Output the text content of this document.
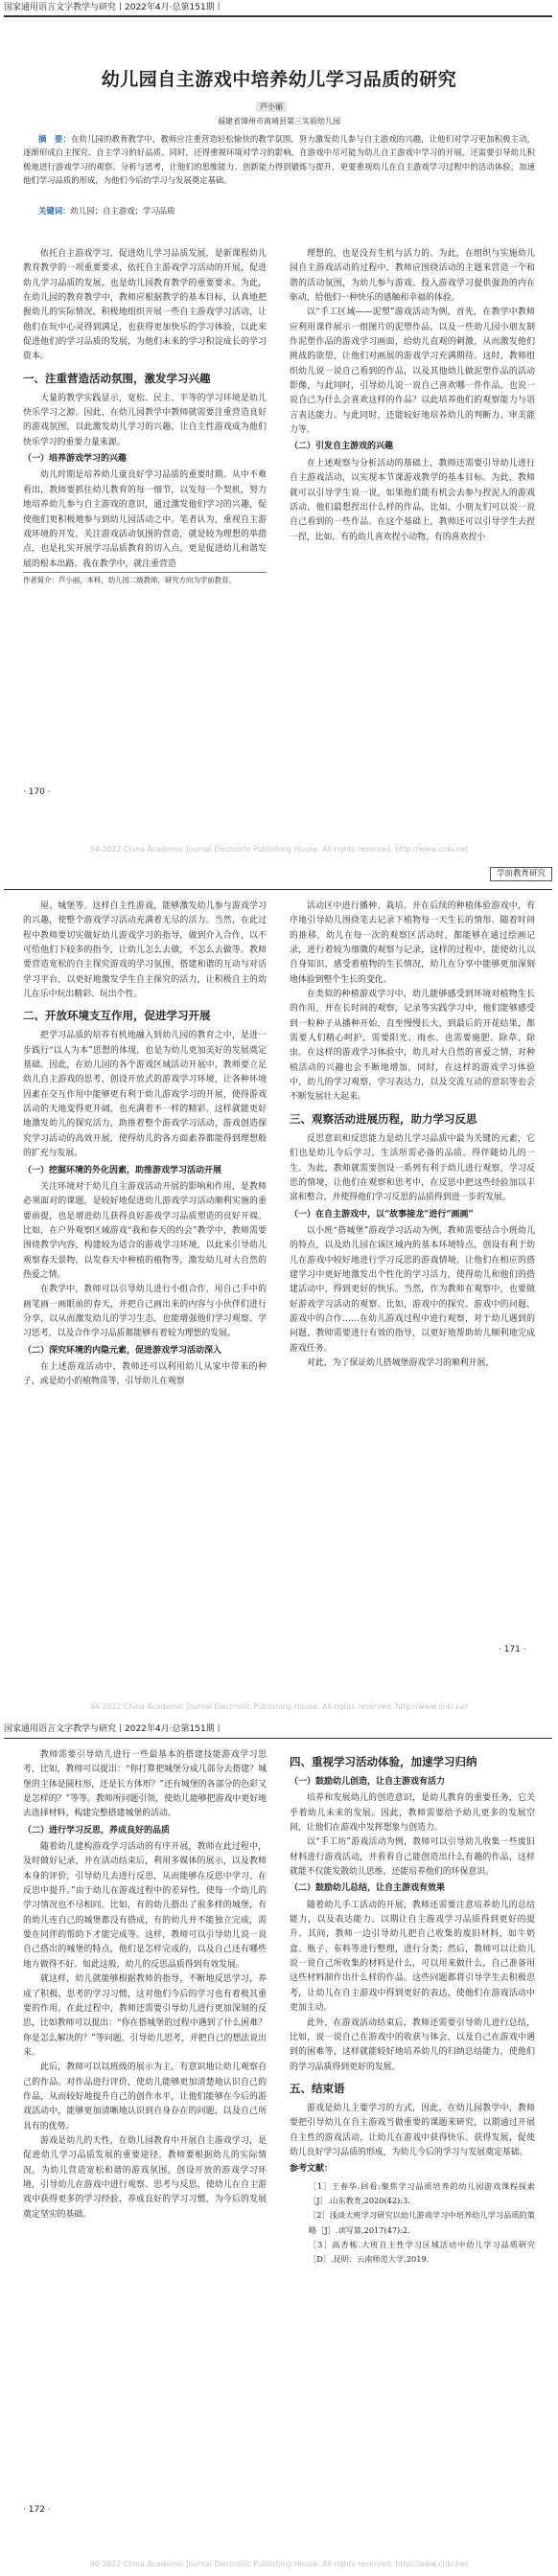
国家通用语言文字教学与研究丨2022年4月·总第151期丨
幼儿园自主游戏中培养幼儿学习品质的研究
芦小丽
福建省漳州市南靖县第三实验幼儿园
摘　要：在幼儿园的教育教学中，教师应注重营造轻松愉快的教学氛围，努力激发幼儿参与自主游戏的兴趣，让他们对学习更加积极主动，逐渐形成自主探究、自主学习的好品质。同时，还得重视环境对学习的影响，在游戏中尽可能为幼儿自主游戏中学习的开展，还需要引导幼儿积极地进行游戏学习的观察、分析与思考，让他们的思维能力、创新能力得到锻炼与提升，更要重视幼儿在自主游戏学习过程中的活动体验，加速他们学习品质的形成，为他们今后的学习与发展奠定基础。
关键词：幼儿园；自主游戏；学习品质

依托自主游戏学习，促进幼儿学习品质发展，是新课程幼儿教育教学的一项重要要求，依托自主游戏学习活动的开展，促进幼儿学习品质的发展，也是幼儿园教育教学的重要要求。为此，在幼儿园的教育教学中，教师应根据教学的基本目标，认真地把握幼儿的实际情况，积极地组织开展一些自主游戏学习活动，让他们在玩中心灵得到满足，也获得更加快乐的学习体验，以此来促进他们的学习品质的发展，为他们未来的学习积淀成长的学习资本。

一、注重营造活动氛围，激发学习兴趣

大量的教学实践显示，宽松、民主、平等的学习环境是幼儿快乐学习之源。因此，在幼儿园教学中教师就需要注重营造良好的游戏氛围，以此激发幼儿学习的兴趣，让自主性游戏成为他们快乐学习的重要力量来源。

（一）培养游戏学习的兴趣

幼儿时期是培养幼儿童良好学习品质的重要时期。从中不难看出，教师要抓住幼儿教育的每一细节，以发每一个契机，努力地培养幼儿参与自主游戏的意识，通过激发他们学习的兴趣，促使他们更积极地参与到幼儿园活动之中。笔者认为，重视自主游戏环境的开发，关注游戏活动氛围的营造，就是较为理想的举措点，也是扎实开展学习品质教育的切入点，更是促进幼儿和谐发展的根本出路。我在教学中，就注重营造

作者简介：芦小丽，本科，幼儿园二级教师，研究方向为学前教育。

理想的，也是没有生机与活力的。为此，在组织与实施幼儿园自主游戏活动的过程中，教师应围绕活动的主题来营造一个和谐的活动氛围，为幼儿参与游戏、投入游戏学习提供强劲的内在驱动，给他们一种快乐的感触和幸福的体验。

以“手工区域——泥塑”游戏活动为例，首先，在教学中教师应利用课件展示一组图片的泥塑作品，以及一些幼儿园小朋友制作泥塑作品的游戏学习画面，给幼儿直观的刺激，从而激发他们挑战的欲望，让他们对画展的游戏学习充满期待。这时，教师组织幼儿说一说自己看到的作品，以及其他幼儿做泥塑作品的活动影像，与此同时，引导幼儿说一说自己喜欢哪一件作品，也说一说自己为什么会喜欢这样的作品？以此培养他们的观察能力与语言表达能力。与此同时，还能较好地培养幼儿的判断力、审美能力等。

（二）引发自主游戏的兴趣

在上述观察与分析活动的基础上，教师还需要引导幼儿进行自主游戏活动，以实现本节课游戏教学的基本目标。为此，教师就可以引导学生说一说，如果他们能有机会去参与捏泥人的游戏活动，他们最想捏出什么样的作品，比如，小朋友们可以说一说自己看到的一些作品。在这个基础上，教师还可以引导学生去捏一捏，比如，有的幼儿喜欢捏小动物，有的喜欢捏小

· 170 ·
94-2022 China Academic Journal Electronic Publishing House. All rights reserved. http://www.cnki.net
学前教育研究

屋、城堡等。这样自主性游戏，能够激发幼儿参与游戏学习的兴趣，使整个游戏学习活动充满着无尽的活力。当然，在此过程中教师要切实做好幼儿游戏学习的指导，做到介入合作，以不可给他们下较多的指令，让幼儿怎么去做，不怎么去做等。教师要营造宽松的自主探究游戏的学习氛围，搭建和谐的互动与对话学习平台，以更好地激发学生自主探究的活力，让积极自主的幼儿在乐中玩出精彩、玩出个性。

二、开放环境支互作用，促进学习开展

把学习品质的培养有机地融入到幼儿园的教育之中，是进一步践行“以人为本”思想的体现，也是为幼儿更加美好的发展奠定基础。因此，在幼儿园的各个游戏区域活动开展中，教师要立足幼儿自主游戏的思考，创设开放式的游戏学习环境，让各种环境因素在交互作用中能够更有利于幼儿游戏学习的开展，使得游戏活动的天地变得更开阔，也充满着不一样的精彩。这样就能更好地激发幼儿的探究活力，助推着整个游戏学习活动，游戏创造探究学习活动的高效开展，使得幼儿的各方面素养都能得到理想般的扩充与发展。

（一）挖掘环境的外化因素，助推游戏学习活动开展

关注环境对于幼儿自主游戏活动开展的影响和作用，是教师必须面对的课题，是较好地促进幼儿游戏学习活动顺利实施的重要前提，也是增进幼儿获得良好游戏学习品质塑造的良好开端。比如，在户外观察区域游戏“我和春天的约会”教学中，教师需要围绕教学内容，构建较为适合的游戏学习环境，以此来引导幼儿观察春天景物，以发春天中种植的植物等，激发幼儿对大自然的热爱之情。

在教学中，教师可以引导幼儿进行小组合作，用自己手中的画笔画一画眼前的春天，并把自己画出来的内容与小伙伴们进行分享，以从而激发幼儿的学习生态，也能增强他们学习观察、学习思考，以及合作学习品质都能够有着较为理想的发展。

（二）深究环境的内隐元素，促进游戏学习活动深入

在上述游戏活动中，教师还可以利用幼儿从家中带来的种子，或是幼小的植物苗等，引导幼儿在观察

活动区中进行播种、栽培。并在后续的种植体验游戏中，有序地引导幼儿围绕笔去记录下植物每一天生长的情形。随着时间的推移，幼儿在每一次的观察区活动时，都能够在通过绘画记录，进行着较为细微的观察与记录，这样的过程中，能使幼儿以自身知识，感受着植物的生长情况，幼儿在分享中能够更加深刻地体验到整个生长的变化。

在类似的种植游戏学习中，幼儿能够感受到环境对植物生长的作用，并在长时间的观察，记录等实践学习中，他们能够感受到一粒种子从播种开始，直至慢慢长大，到最后的开花结果，都需要人们精心呵护，需要阳光、雨水、也需要施肥、除草、除虫。在这样的游戏学习体验中，幼儿对大自然的喜爱之情，对种植活动的兴趣也会不断地增加，同时，在这样的游戏学习体验中，幼儿的学习观察，学习表达力，以及交流互动的意识等也会不断发展壮大起来。

三、观察活动进展历程，助力学习反思

反思意识和反思能力是幼儿学习品质中最为关键的元素，它们也是幼儿今后学习，生活所需必备的品质。得伴随幼儿的一生。为此，教师就需要创设一系列有利于幼儿进行观察，学习反思的情境，让他们在观察和思考中，在反思中把这些经验加以丰富和整合，并使得他们学习反思的品质得到进一步的发展。

（一）在自主游戏中，以“故事接龙”进行“画画”

以小班“搭城堡”游戏学习活动为例，教师需要结合小班幼儿的特点，以及幼儿园在该区域内的基本环境特点，创设有利于幼儿在游戏中较好地进行学习反思的游戏情境，让他们在相应的搭建学习中更好地激发出个性化的学习活力，使得幼儿和他们的搭建活动中，得到更好的快乐。当然，作为教师在观察中，也要做好游戏学习活动的观察。比如，游戏中的探究、游戏中的问题、游戏中的合作……在幼儿游戏过程中进行观察，对于幼儿遇到的问题，教师需要进行有效的指导，以更好地帮助幼儿顺利地完成游戏任务。

对此，为了保证幼儿搭城堡游戏学习的顺利开展，

· 171 ·
94-2022 China Academic Journal Electronic Publishing House. All rights reserved. http://www.cnki.net
国家通用语言文字教学与研究丨2022年4月·总第151期丨

教师需要引导幼儿进行一些最基本的搭建技能游戏学习思考，比如，教师可以提出：“你打算把城堡分成几部分去搭建？城堡的主体是圆柱形，还是长方体形？”还有城堡的各部分的色彩又是怎样的？”等等。教师所问题引领，使幼儿能够把游戏中更好地去选择材料，构建完整搭建城堡的活动。

（二）进行学习反思，养成良好的品质

随着幼儿建构游戏学习活动的有序开展，教师在此过程中，及时做好记录，并在活动结束后，利用多媒体的展示，以及教师本身的评价，引导幼儿去进行反思，从而能够在反思中学习、在反思中提升。”由于幼儿在游戏过程中的差异性，使每一个幼儿的学习情况也不尽相同。比如，有的幼儿搭出了很多样的城堡，有的幼儿连自己的城堡都没有搭成，有的幼儿并不能独立完成，需要在同伴的帮助下才能完成等。这样，教师可以引导幼儿说一说自己搭出的城堡的特点，他们是怎样完成的，以及自己还有哪些地方做得不好。如此这般，幼儿的反思品质得到有效发展。

就这样，幼儿就能够根据教师的指导，不断地反思学习，养成了积极、思考的学习习惯，这对他们今后的学习也有着极其重要的作用。在此过程中，教师还需要引导幼儿进行更加深刻的反思，比如教师可以提出：“你在搭城堡的过程中遇到了什么困难？你是怎么解决的？”等问题，引导幼儿思考，并把自己的想法说出来。

此后，教师可以以班级的展示为主，有意识地让幼儿观察自己的作品。对作品进行评价，使幼儿能够更加清楚地认识自己的作品，从而较好地提升自己的创作水平，让他们能够在今后的游戏活动中，能够更加清晰地认识到自身存在的问题，以及自己所具有的优势。

游戏是幼儿的天性，在幼儿园教育中开展自主游戏学习，是促进幼儿学习品质发展的重要途径。教师要根据幼儿的实际情况，为幼儿营造宽松和谐的游戏氛围，创设开放的游戏学习环境，引导幼儿在游戏中进行观察、思考与反思，使幼儿在自主游戏中获得更多的学习经验，养成良好的学习习惯，为今后的发展奠定坚实的基础。

四、重视学习活动体验，加速学习归纳
（一）鼓励幼儿创造，让自主游戏有活力

培养和发展幼儿的创造意识，是幼儿教育的重要任务，它关乎着幼儿未来的发展。因此，教师需要给予幼儿更多的发展空间，让他们在游戏中发挥想象与创造力。

以“手工坊”游戏活动为例，教师可以引导幼儿收集一些废旧材料进行游戏活动，并看看自己能创造出什么有趣的作品，这样就能不仅能发散幼儿思维，还能培养他们的环保意识。

（二）鼓励幼儿总结，让自主游戏有效果

随着幼儿手工活动的开展，教师还需要注意培养幼儿的总结能力，以及表达能力。以期让自主游戏学习品质得到更好的提升。其间，教师一边引导幼儿把自己收集的废旧材料，如牛奶盒、瓶子、布料等进行整理，进行分类；然后，教师可以让幼儿说一说自己所收集的材料是什么，可以用来做什么，自己准备用这些材料制作出什么样的作品。这些问题都将引导学生去积极思考，让幼儿在自主游戏中得到更好的表达，使他们在游戏活动中更加主动。

此外，在游戏活动结束后，教师还需要引导幼儿进行总结，比如，说一说自己在游戏中的收获与体会，以及自己在游戏中遇到的困难等，这样就能较好地培养幼儿的归纳总结能力，使他们的学习品质得到更好的发展。

五、结束语

游戏是幼儿主要学习的方式，因此，在幼儿园教学中，教师要把引导幼儿在自主游戏当做重要的课题来研究，以期通过开展自主性的游戏活动，让幼儿在游戏中获得快乐、获得发展，促使幼儿良好学习品质的形成，为幼儿今后的学习与发展奠定基础。

参考文献：

［1］王春华.回看:聚焦学习品质培养的幼儿园游戏课程探索［J］.山东教育,2020(42):3.

［2］浅谈大班学习研究以幼儿游戏学习中培养幼儿学习品质的策略［J］.读写算,2017(47):2.

［3］高杏栋.大班自主性学习区域活动中幼儿学习品质研究［D］.昆明：云南师范大学,2019.

· 172 ·
94-2022 China Academic Journal Electronic Publishing House. All rights reserved. http://www.cnki.net
